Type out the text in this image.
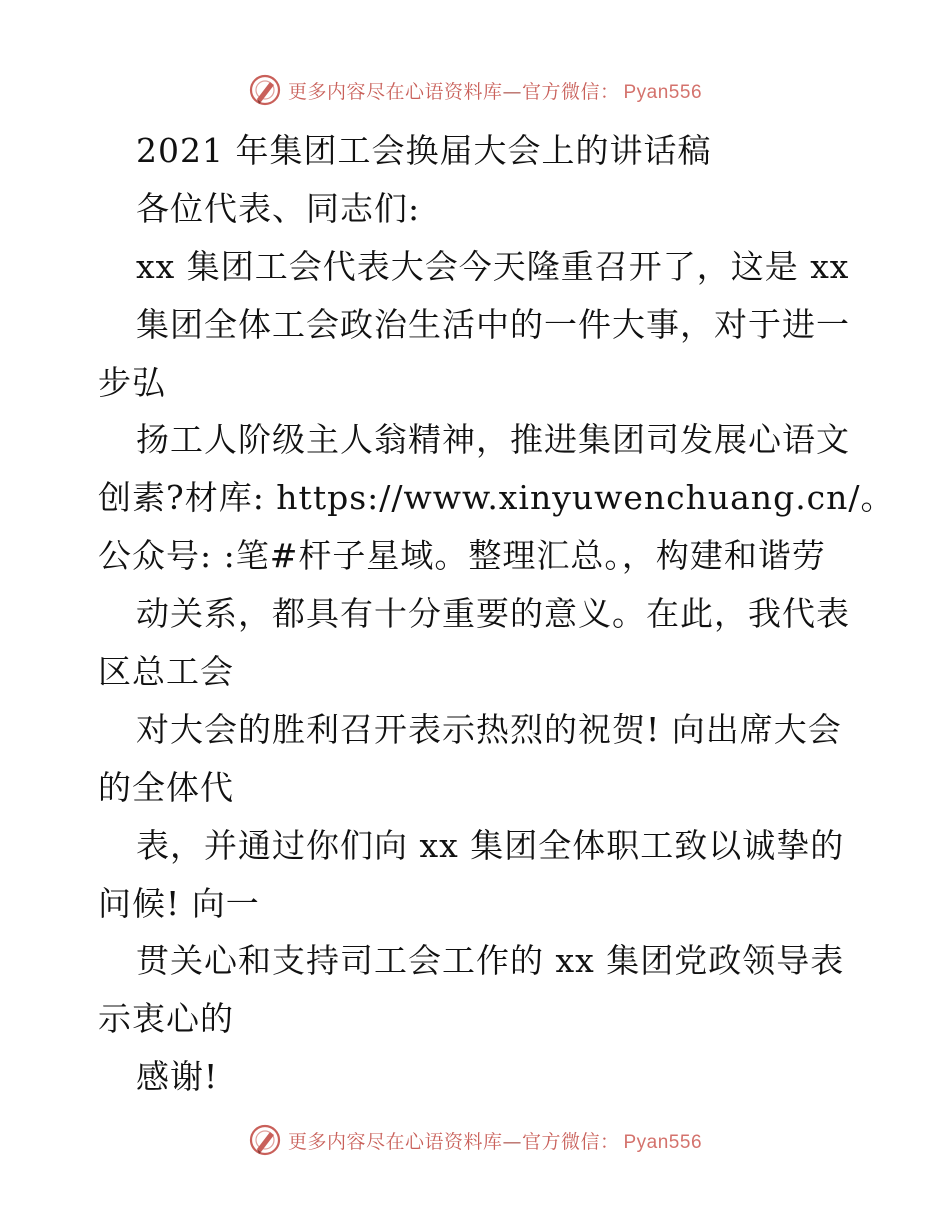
更多内容尽在心语资料库—官方微信： Pyan556
2021 年集团工会换届大会上的讲话稿
各位代表、同志们:
xx 集团工会代表大会今天隆重召开了，这是 xx
集团全体工会政治生活中的一件大事，对于进一
步弘
扬工人阶级主人翁精神，推进集团司发展心语文
创素?材库: https://www.xinyuwenchuang.cn/。
公众号: :笔#杆子星域。整理汇总。，构建和谐劳
动关系，都具有十分重要的意义。在此，我代表
区总工会
对大会的胜利召开表示热烈的祝贺! 向出席大会
的全体代
表，并通过你们向 xx 集团全体职工致以诚挚的
问候! 向一
贯关心和支持司工会工作的 xx 集团党政领导表
示衷心的
感谢!
更多内容尽在心语资料库—官方微信： Pyan556
